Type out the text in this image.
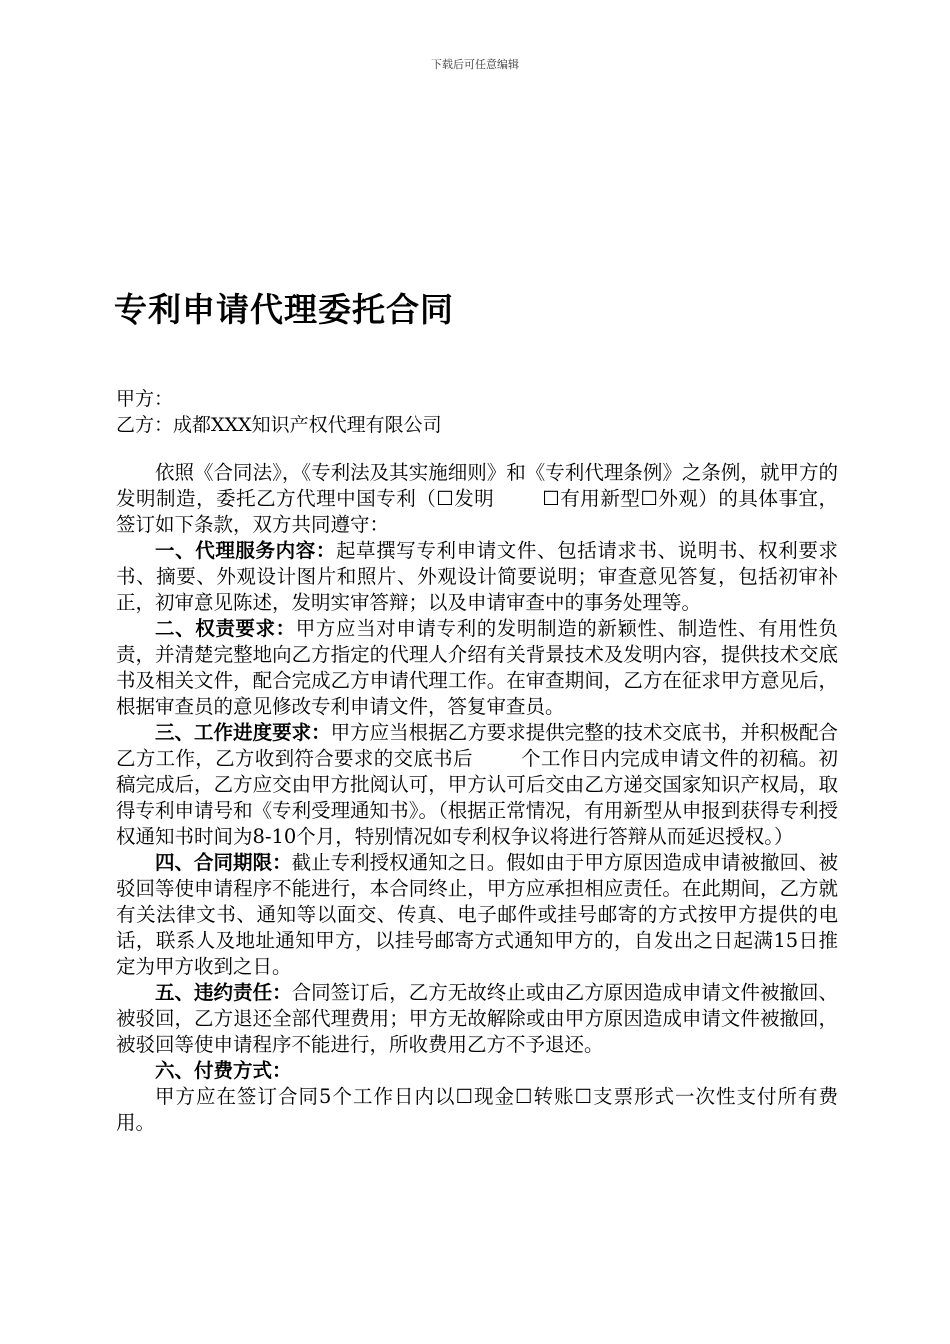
下载后可任意编辑
专利申请代理委托合同
甲方：
乙方：成都XXX知识产权代理有限公司

依照《合同法》，《专利法及其实施细则》和《专利代理条例》之条例，就甲方的发明制造，委托乙方代理中国专利（☐发明 ☐有用新型☐外观）的具体事宜，签订如下条款，双方共同遵守：

一、代理服务内容：起草撰写专利申请文件、包括请求书、说明书、权利要求书、摘要、外观设计图片和照片、外观设计简要说明；审查意见答复，包括初审补正，初审意见陈述，发明实审答辩；以及申请审查中的事务处理等。

二、权责要求：甲方应当对申请专利的发明制造的新颖性、制造性、有用性负责，并清楚完整地向乙方指定的代理人介绍有关背景技术及发明内容，提供技术交底书及相关文件，配合完成乙方申请代理工作。在审查期间，乙方在征求甲方意见后，根据审查员的意见修改专利申请文件，答复审查员。

三、工作进度要求：甲方应当根据乙方要求提供完整的技术交底书，并积极配合乙方工作，乙方收到符合要求的交底书后 个工作日内完成申请文件的初稿。初稿完成后，乙方应交由甲方批阅认可，甲方认可后交由乙方递交国家知识产权局，取得专利申请号和《专利受理通知书》。（根据正常情况，有用新型从申报到获得专利授权通知书时间为8-10个月，特别情况如专利权争议将进行答辩从而延迟授权。）

四、合同期限：截止专利授权通知之日。假如由于甲方原因造成申请被撤回、被驳回等使申请程序不能进行，本合同终止，甲方应承担相应责任。在此期间，乙方就有关法律文书、通知等以面交、传真、电子邮件或挂号邮寄的方式按甲方提供的电话，联系人及地址通知甲方，以挂号邮寄方式通知甲方的，自发出之日起满15日推定为甲方收到之日。

五、违约责任：合同签订后，乙方无故终止或由乙方原因造成申请文件被撤回、被驳回，乙方退还全部代理费用；甲方无故解除或由甲方原因造成申请文件被撤回，被驳回等使申请程序不能进行，所收费用乙方不予退还。

六、付费方式：

甲方应在签订合同5个工作日内以☐现金☐转账☐支票形式一次性支付所有费用。
